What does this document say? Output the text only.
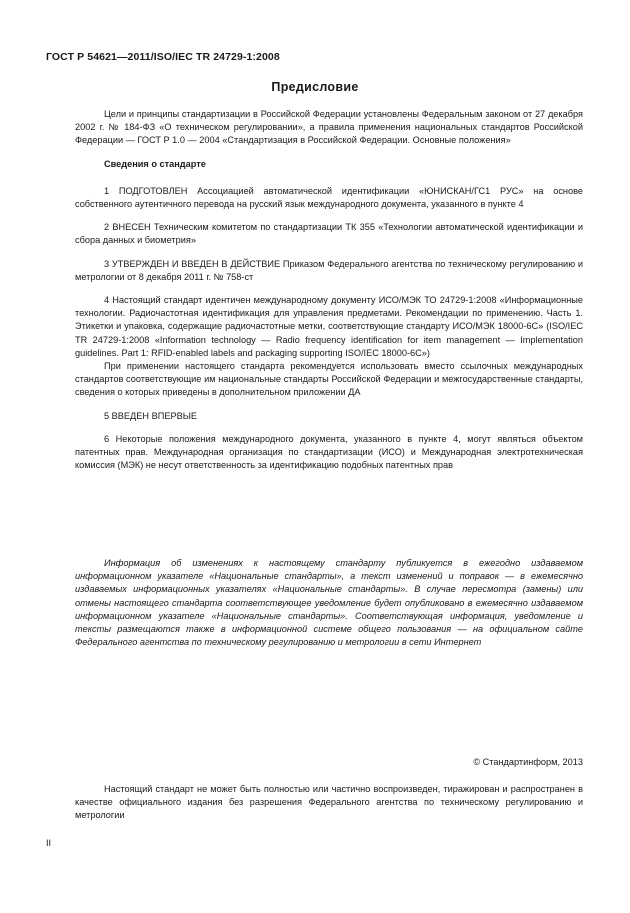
ГОСТ Р 54621—2011/ISO/IEC TR 24729-1:2008
Предисловие

Цели и принципы стандартизации в Российской Федерации установлены Федеральным законом от 27 декабря 2002 г. № 184-ФЗ «О техническом регулировании», а правила применения национальных стандартов Российской Федерации — ГОСТ Р 1.0 — 2004 «Стандартизация в Российской Федерации. Основные положения»

Сведения о стандарте

1 ПОДГОТОВЛЕН Ассоциацией автоматической идентификации «ЮНИСКАН/ГС1 РУС» на основе собственного аутентичного перевода на русский язык международного документа, указанного в пункте 4

2 ВНЕСЕН Техническим комитетом по стандартизации ТК 355 «Технологии автоматической идентификации и сбора данных и биометрия»

3 УТВЕРЖДЕН И ВВЕДЕН В ДЕЙСТВИЕ Приказом Федерального агентства по техническому регулированию и метрологии от 8 декабря 2011 г. № 758-ст

4 Настоящий стандарт идентичен международному документу ИСО/МЭК ТО 24729-1:2008 «Информационные технологии. Радиочастотная идентификация для управления предметами. Рекомендации по применению. Часть 1. Этикетки и упаковка, содержащие радиочастотные метки, соответствующие стандарту ИСО/МЭК 18000-6С» (ISO/IEC TR 24729-1:2008 «Information technology — Radio frequency identification for item management — Implementation guidelines. Part 1: RFID-enabled labels and packaging supporting ISO/IEC 18000-6C»)

При применении настоящего стандарта рекомендуется использовать вместо ссылочных международных стандартов соответствующие им национальные стандарты Российской Федерации и межгосударственные стандарты, сведения о которых приведены в дополнительном приложении ДА

5 ВВЕДЕН ВПЕРВЫЕ

6 Некоторые положения международного документа, указанного в пункте 4, могут являться объектом патентных прав. Международная организация по стандартизации (ИСО) и Международная электротехническая комиссия (МЭК) не несут ответственность за идентификацию подобных патентных прав

Информация об изменениях к настоящему стандарту публикуется в ежегодно издаваемом информационном указателе «Национальные стандарты», а текст изменений и поправок — в ежемесячно издаваемых информационных указателях «Национальные стандарты». В случае пересмотра (замены) или отмены настоящего стандарта соответствующее уведомление будет опубликовано в ежемесячно издаваемом информационном указателе «Национальные стандарты». Соответствующая информация, уведомление и тексты размещаются также в информационной системе общего пользования — на официальном сайте Федерального агентства по техническому регулированию и метрологии в сети Интернет
© Стандартинформ, 2013
Настоящий стандарт не может быть полностью или частично воспроизведен, тиражирован и распространен в качестве официального издания без разрешения Федерального агентства по техническому регулированию и метрологии
II
